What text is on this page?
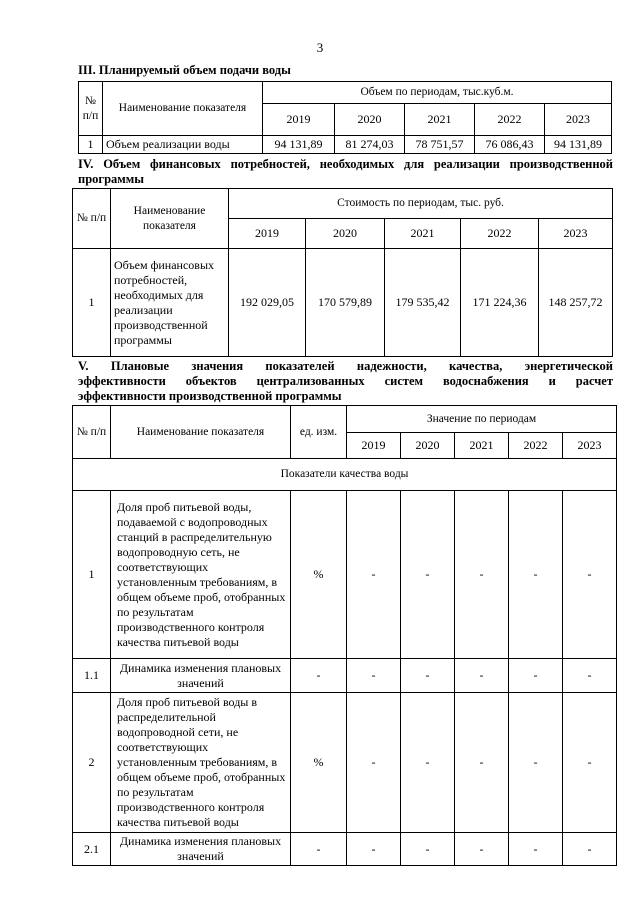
3
III. Планируемый объем подачи воды
№ п/п	Наименование показателя	Объем по периодам, тыс.куб.м.				
		2019	2020	2021	2022	2023
1	Объем реализации воды	94 131,89	81 274,03	78 751,57	76 086,43	94 131,89
IV. Объем финансовых потребностей, необходимых для реализации производственной
программы
№ п/п	Наименование показателя	Стоимость по периодам, тыс. руб.				
		2019	2020	2021	2022	2023
1	Объем финансовых потребностей, необходимых для реализации производственной программы	192 029,05	170 579,89	179 535,42	171 224,36	148 257,72
V. Плановые значения показателей надежности, качества, энергетической
эффективности объектов централизованных систем водоснабжения и расчет
эффективности производственной программы
№ п/п	Наименование показателя	ед. изм.	Значение по периодам				
			2019	2020	2021	2022	2023
Показатели качества воды							
1	Доля проб питьевой воды, подаваемой с водопроводных станций в распределительную водопроводную сеть, не соответствующих установленным требованиям, в общем объеме проб, отобранных по результатам производственного контроля качества питьевой воды	%	-	-	-	-	-
1.1	Динамика изменения плановых значений	-	-	-	-	-	-
2	Доля проб питьевой воды в распределительной водопроводной сети, не соответствующих установленным требованиям, в общем объеме проб, отобранных по результатам производственного контроля качества питьевой воды	%	-	-	-	-	-
2.1	Динамика изменения плановых значений	-	-	-	-	-	-
